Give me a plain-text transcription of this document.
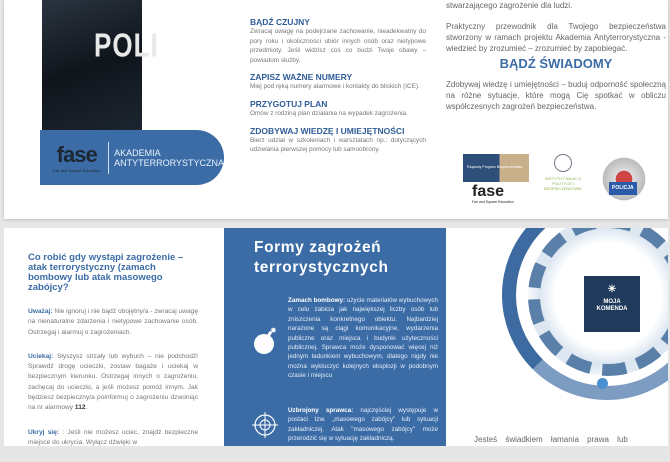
POLI
fase
Fair and Square Education
AKADEMIA
ANTYTERRORYSTYCZNA
BĄDŹ CZUJNY

Zwracaj uwagę na podejrzane zachowanie, nieadekwatny do pory roku i okoliczności ubiór innych osób oraz nietypowe przedmioty. Jeśli widzisz coś co budzi Twoje obawy – powiadom służby.

ZAPISZ WAŻNE NUMERY

Miej pod ręką numery alarmowe i kontakty do bliskich (ICE).

PRZYGOTUJ PLAN

Omów z rodziną plan działania na wypadek zagrożenia.

ZDOBYWAJ WIEDZĘ I UMIEJĘTNOŚCI

Bierz udział w szkoleniach i warsztatach np.: dotyczących udzielania pierwszej pomocy lub samoobrony.

stwarzającego zagrożenie dla ludzi.

Praktyczny przewodnik dla Twojego bezpieczeństwa stworzony w ramach projektu Akademia Antyterrorystyczna - wiedzieć by zrozumieć – zrozumieć by zapobiegać.

BĄDŹ ŚWIADOMY

Zdobywaj wiedzę i umiejętności – buduj odporność społeczną na różne sytuacje, które mogą Cię spotkać w obliczu współczesnych zagrożeń bezpieczeństwa.

Rządowy Program Bezpieczeństwa
fase
Fair and Square Education
INSTYTUT NAUK O POLITYCE I BEZPIECZEŃSTWIE	POLICJA
Co robić gdy wystąpi zagrożenie – atak terrorystyczny (zamach bombowy lub atak masowego zabójcy?

Uważaj: Nie ignoruj i nie bądź obojętny/a - zwracaj uwagę na nienaturalne zdarzenia i nietypowe zachowanie osób. Ostrzegaj i alarmuj o zagrożeniach.

Uciekaj: Słyszysz strzały lub wybuch – nie podchodź! Sprawdź drogę ucieczki, zostaw bagaże i uciekaj w bezpiecznym kierunku. Ostrzegaj innych o zagrożeniu, zachęcaj do ucieczki, a jeśli możesz pomóż innym. Jak będziesz bezpieczny/a poinformuj o zagrożeniu dzwoniąc na nr alarmowy 112.

Ukryj się: : Jeśli nie możesz uciec, znajdź bezpieczne miejsce do ukrycia. Wyłącz dźwięki w

Formy zagrożeń terrorystycznych
✸
Zamach bombowy: użycie materiałów wybuchowych w celu zabicia jak największej liczby osób lub zniszczenia konkretnego obiektu. Najbardziej narażone są ciągi komunikacyjne, wydarzenia publiczne oraz miejsca i budynki użyteczności publicznej. Sprawca może dysponować więcej niż jednym ładunkiem wybuchowym, dlatego nigdy nie można wykluczyć kolejnych eksplozji w podobnym czasie i miejscu
Uzbrojony sprawca: najczęściej występuje w postaci tzw. „masowego zabójcy” lub sytuacji zakładniczej. Atak "masowego zabójcy" może przerodzić się w sytuację zakładniczą.
✳
MOJA
KOMENDA
Jesteś świadkiem łamania prawa lub
